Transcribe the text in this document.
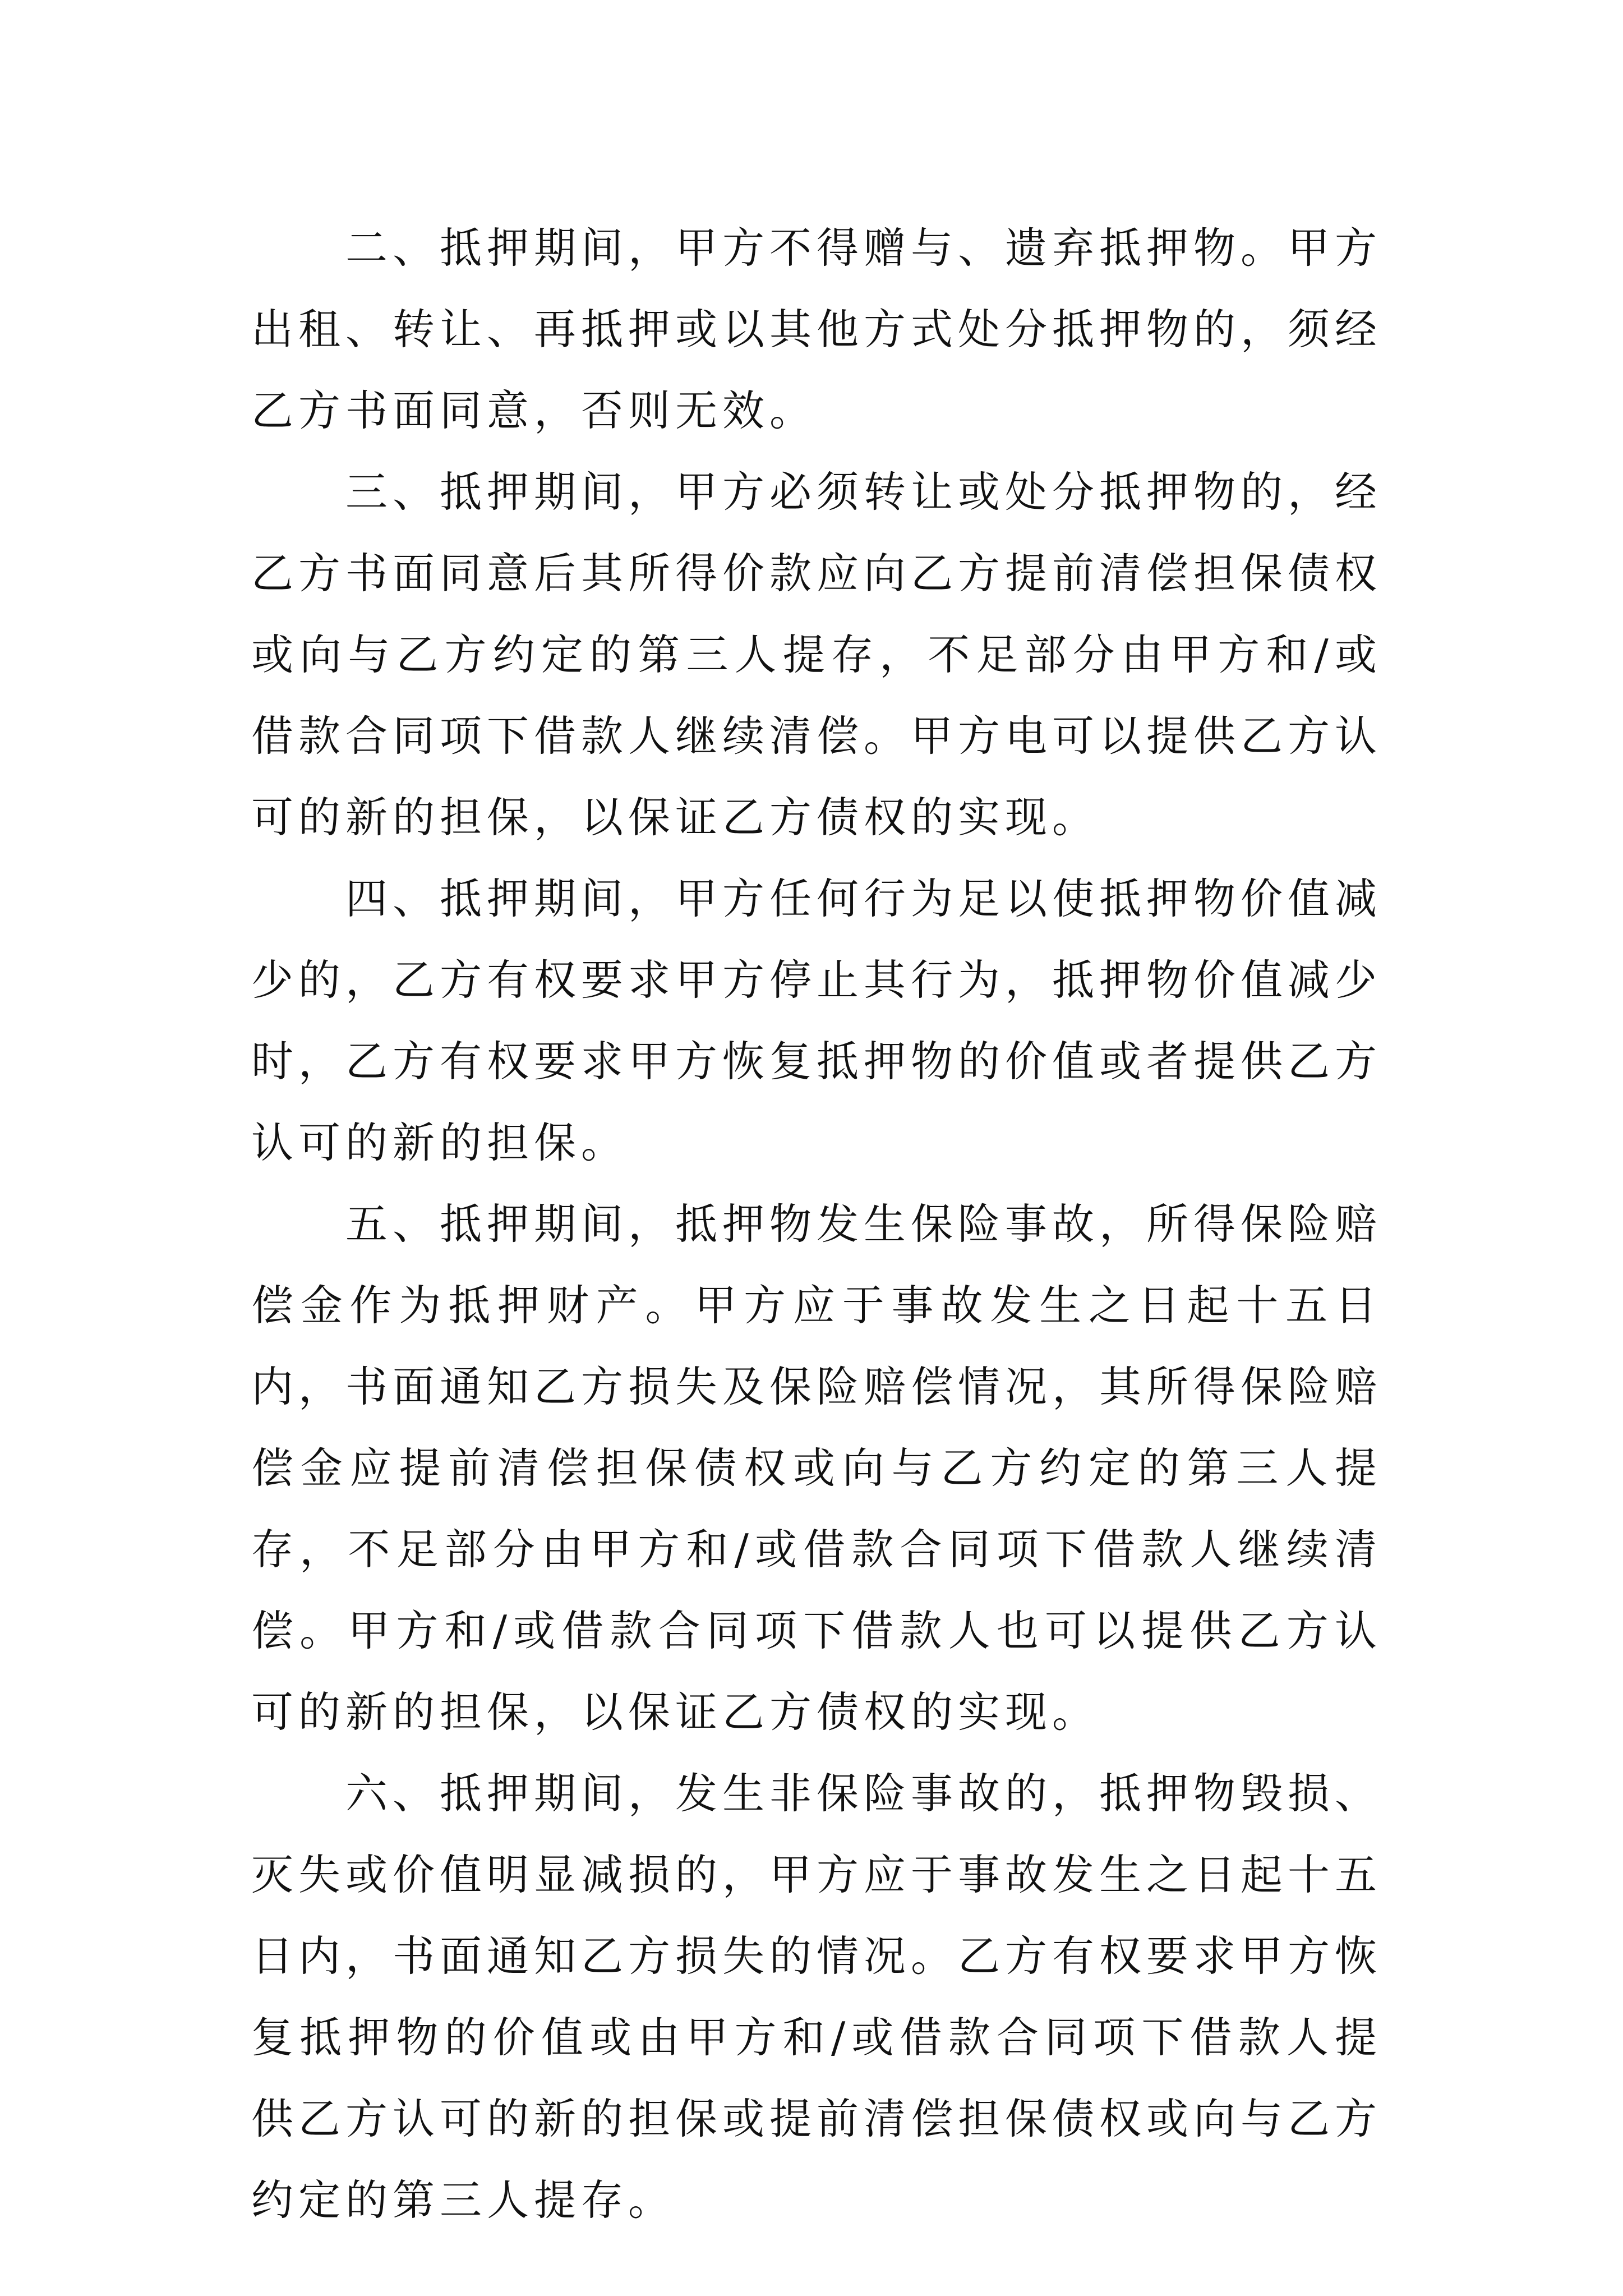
二、抵押期间，甲方不得赠与、遗弃抵押物。甲方出租、转让、再抵押或以其他方式处分抵押物的，须经乙方书面同意，否则无效。

三、抵押期间，甲方必须转让或处分抵押物的，经乙方书面同意后其所得价款应向乙方提前清偿担保债权或向与乙方约定的第三人提存，不足部分由甲方和/或借款合同项下借款人继续清偿。甲方电可以提供乙方认可的新的担保，以保证乙方债权的实现。

四、抵押期间，甲方任何行为足以使抵押物价值减少的，乙方有权要求甲方停止其行为，抵押物价值减少时，乙方有权要求甲方恢复抵押物的价值或者提供乙方认可的新的担保。

五、抵押期间，抵押物发生保险事故，所得保险赔偿金作为抵押财产。甲方应于事故发生之日起十五日内，书面通知乙方损失及保险赔偿情况，其所得保险赔偿金应提前清偿担保债权或向与乙方约定的第三人提存，不足部分由甲方和/或借款合同项下借款人继续清偿。甲方和/或借款合同项下借款人也可以提供乙方认可的新的担保，以保证乙方债权的实现。

六、抵押期间，发生非保险事故的，抵押物毁损、灭失或价值明显减损的，甲方应于事故发生之日起十五日内，书面通知乙方损失的情况。乙方有权要求甲方恢复抵押物的价值或由甲方和/或借款合同项下借款人提供乙方认可的新的担保或提前清偿担保债权或向与乙方约定的第三人提存。
